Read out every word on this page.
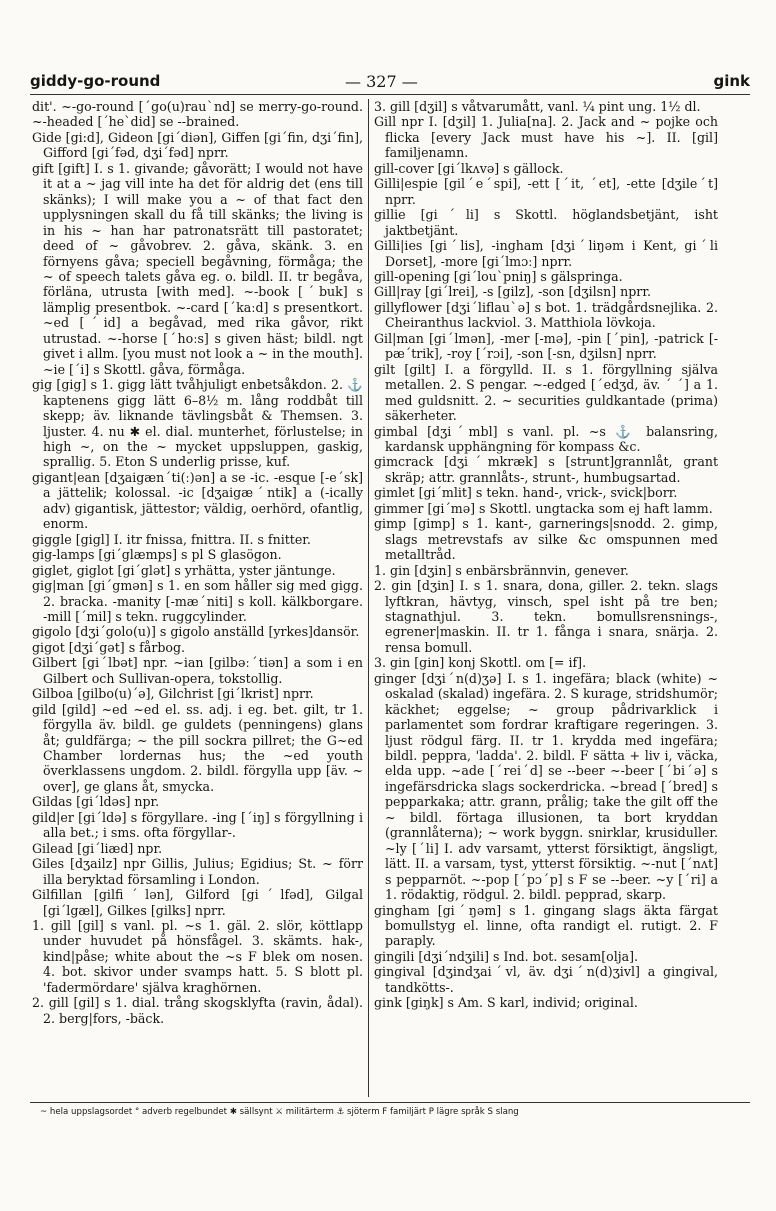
giddy-go-round	— 327 —	gink

dit'. ~-go-round [ˊgo(u)rauˋnd] se merry-go-round. ~-headed [ˊheˋdid] se --brained.

Gide [gi:d], Gideon [giˊdiən], Giffen [giˊfin, dʒiˊfin], Gifford [giˊfəd, dʒiˊfəd] nprr.

gift [gift] I. s 1. givande; gåvorätt; I would not have it at a ~ jag vill inte ha det för aldrig det (ens till skänks); I will make you a ~ of that fact den upplysningen skall du få till skänks; the living is in his ~ han har patronatsrätt till pastoratet; deed of ~ gåvobrev. 2. gåva, skänk. 3. en förnyens gåva; speciell begåvning, förmåga; the ~ of speech talets gåva eg. o. bildl. II. tr begåva, förläna, utrusta [with med]. ~-book [ˊbuk] s lämplig presentbok. ~-card [ˊkaːd] s presentkort. ~ed [ˊid] a begåvad, med rika gåvor, rikt utrustad. ~-horse [ˊhoːs] s given häst; bildl. ngt givet i allm. [you must not look a ~ in the mouth]. ~ie [ˊi] s Skottl. gåva, förmåga.

gig [gig] s 1. gigg lätt tvåhjuligt enbetsåkdon. 2. ⚓ kaptenens gigg lätt 6–8½ m. lång roddbåt till skepp; äv. liknande tävlingsbåt & Themsen. 3. ljuster. 4. nu ✱ el. dial. munterhet, förlustelse; in high ~, on the ~ mycket uppsluppen, gaskig, sprallig. 5. Eton S underlig prisse, kuf.

gigant|ean [dʒaigænˊti(ː)ən] a se -ic. -esque [-eˊsk] a jättelik; kolossal. -ic [dʒaigæˊntik] a (-ically adv) gigantisk, jättestor; väldig, oerhörd, ofantlig, enorm.

giggle [gigl] I. itr fnissa, fnittra. II. s fnitter.

gig-lamps [giˊglæmps] s pl S glasögon.

giglet, giglot [giˊglət] s yrhätta, yster jäntunge.

gig|man [giˊgmən] s 1. en som håller sig med gigg. 2. bracka. -manity [-mæˊniti] s koll. kälkborgare. -mill [ˊmil] s tekn. ruggcylinder.

gigolo [dʒiˊgolo(u)] s gigolo anställd [yrkes]dansör.

gigot [dʒiˊgət] s fårbog.

Gilbert [giˊlbət] npr. ~ian [gilbəːˊtiən] a som i en Gilbert och Sullivan-opera, tokstollig.

Gilboa [gilbo(u)ˊə], Gilchrist [giˊlkrist] nprr.

gild [gild] ~ed ~ed el. ss. adj. i eg. bet. gilt, tr 1. förgylla äv. bildl. ge guldets (penningens) glans åt; guldfärga; ~ the pill sockra pillret; the G~ed Chamber lordernas hus; the ~ed youth överklassens ungdom. 2. bildl. förgylla upp [äv. ~ over], ge glans åt, smycka.

Gildas [giˊldəs] npr.

gild|er [giˊldə] s förgyllare. -ing [ˊiŋ] s förgyllning i alla bet.; i sms. ofta förgyllar-.

Gilead [giˊliæd] npr.

Giles [dʒailz] npr Gillis, Julius; Egidius; St. ~ förr illa beryktad församling i London.

Gilfillan [gilfiˊlən], Gilford [giˊlfəd], Gilgal [giˊlgæl], Gilkes [gilks] nprr.

1. gill [gil] s vanl. pl. ~s 1. gäl. 2. slör, köttlapp under huvudet på hönsfågel. 3. skämts. hak-, kind|påse; white about the ~s F blek om nosen. 4. bot. skivor under svamps hatt. 5. S blott pl. 'fadermördare' själva kraghörnen.

2. gill [gil] s 1. dial. trång skogsklyfta (ravin, ådal). 2. berg|fors, -bäck.

3. gill [dʒil] s våtvarumått, vanl. ¼ pint ung. 1½ dl.

Gill npr I. [dʒil] 1. Julia[na]. 2. Jack and ~ pojke och flicka [every Jack must have his ~]. II. [gil] familjenamn.

gill-cover [giˊlkʌvə] s gällock.

Gilli|espie [gilˊeˊspi], -ett [ˊit, ˊet], -ette [dʒileˊt] nprr.

gillie [giˊli] s Skottl. höglandsbetjänt, isht jaktbetjänt.

Gilli|ies [giˊlis], -ingham [dʒiˊliŋəm i Kent, giˊli Dorset], -more [giˊlmɔː] nprr.

gill-opening [giˊlouˋpniŋ] s gälspringa.

Gill|ray [giˊlrei], -s [gilz], -son [dʒilsn] nprr.

gillyflower [dʒiˊliflauˋə] s bot. 1. trädgårdsnejlika. 2. Cheiranthus lackviol. 3. Matthiola lövkoja.

Gil|man [giˊlmən], -mer [-mə], -pin [ˊpin], -patrick [-pæˊtrik], -roy [ˊrɔi], -son [-sn, dʒilsn] nprr.

gilt [gilt] I. a förgylld. II. s 1. förgyllning själva metallen. 2. S pengar. ~-edged [ˊedʒd, äv. ˊ ˊ] a 1. med guldsnitt. 2. ~ securities guldkantade (prima) säkerheter.

gimbal [dʒiˊmbl] s vanl. pl. ~s ⚓ balansring, kardansk upphängning för kompass &c.

gimcrack [dʒiˊmkræk] s [strunt]grannlåt, grant skräp; attr. grannlåts-, strunt-, humbugsartad.

gimlet [giˊmlit] s tekn. hand-, vrick-, svick|borr.

gimmer [giˊmə] s Skottl. ungtacka som ej haft lamm.

gimp [gimp] s 1. kant-, garnerings|snodd. 2. gimp, slags metrevstafs av silke &c omspunnen med metalltråd.

1. gin [dʒin] s enbärsbrännvin, genever.

2. gin [dʒin] I. s 1. snara, dona, giller. 2. tekn. slags lyftkran, hävtyg, vinsch, spel isht på tre ben; stagnathjul. 3. tekn. bomullsrensnings-, egrener|maskin. II. tr 1. fånga i snara, snärja. 2. rensa bomull.

3. gin [gin] konj Skottl. om [= if].

ginger [dʒiˊn(d)ʒə] I. s 1. ingefära; black (white) ~ oskalad (skalad) ingefära. 2. S kurage, stridshumör; käckhet; eggelse; ~ group pådrivarklick i parlamentet som fordrar kraftigare regeringen. 3. ljust rödgul färg. II. tr 1. krydda med ingefära; bildl. peppra, 'ladda'. 2. bildl. F sätta + liv i, väcka, elda upp. ~ade [ˊreiˊd] se --beer ~-beer [ˊbiˊə] s ingefärsdricka slags sockerdricka. ~bread [ˊbred] s pepparkaka; attr. grann, prålig; take the gilt off the ~ bildl. förtaga illusionen, ta bort kryddan (grannlåterna); ~ work byggn. snirklar, krusiduller. ~ly [ˊli] I. adv varsamt, ytterst försiktigt, ängsligt, lätt. II. a varsam, tyst, ytterst försiktig. ~-nut [ˊnʌt] s pepparnöt. ~-pop [ˊpɔˊp] s F se --beer. ~y [ˊri] a 1. rödaktig, rödgul. 2. bildl. pepprad, skarp.

gingham [giˊŋəm] s 1. gingang slags äkta färgat bomullstyg el. linne, ofta randigt el. rutigt. 2. F paraply.

gingili [dʒiˊndʒili] s Ind. bot. sesam[olja].

gingival [dʒindʒaiˊvl, äv. dʒiˊn(d)ʒivl] a gingival, tandkötts-.

gink [giŋk] s Am. S karl, individ; original.

~ hela uppslagsordet ° adverb regelbundet ✱ sällsynt ⚔ militärterm ⚓ sjöterm F familjärt P lägre språk S slang
